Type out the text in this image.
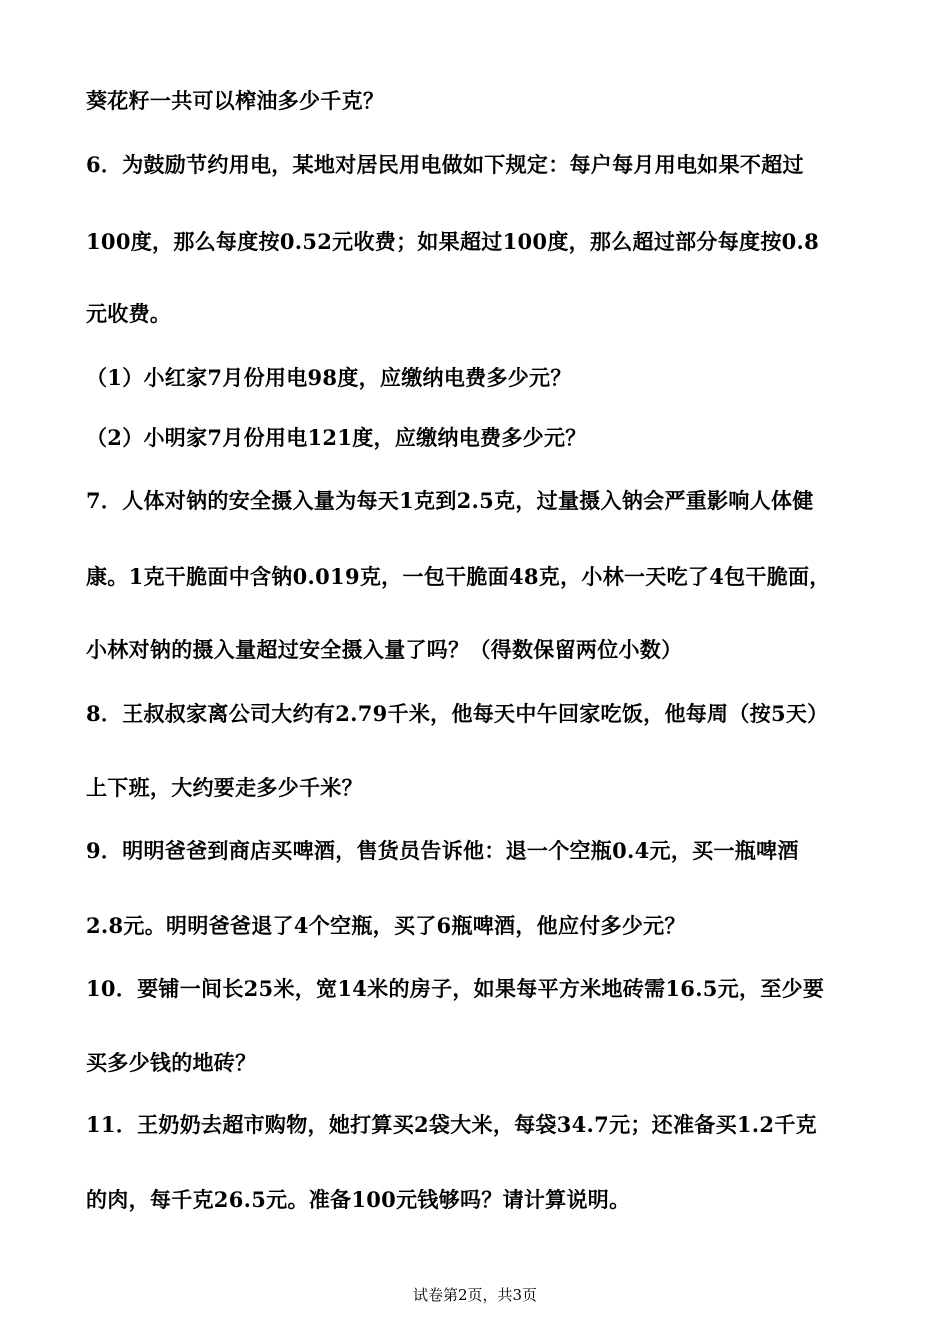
葵花籽一共可以榨油多少千克？
6．为鼓励节约用电，某地对居民用电做如下规定：每户每月用电如果不超过
100度，那么每度按0.52元收费；如果超过100度，那么超过部分每度按0.8
元收费。
（1）小红家7月份用电98度，应缴纳电费多少元？
（2）小明家7月份用电121度，应缴纳电费多少元？
7．人体对钠的安全摄入量为每天1克到2.5克，过量摄入钠会严重影响人体健
康。1克干脆面中含钠0.019克，一包干脆面48克，小林一天吃了4包干脆面，
小林对钠的摄入量超过安全摄入量了吗？（得数保留两位小数）
8．王叔叔家离公司大约有2.79千米，他每天中午回家吃饭，他每周（按5天）
上下班，大约要走多少千米？
9．明明爸爸到商店买啤酒，售货员告诉他：退一个空瓶0.4元，买一瓶啤酒
2.8元。明明爸爸退了4个空瓶，买了6瓶啤酒，他应付多少元？
10．要铺一间长25米，宽14米的房子，如果每平方米地砖需16.5元，至少要
买多少钱的地砖？
11．王奶奶去超市购物，她打算买2袋大米，每袋34.7元；还准备买1.2千克
的肉，每千克26.5元。准备100元钱够吗？请计算说明。
试卷第2页，共3页
